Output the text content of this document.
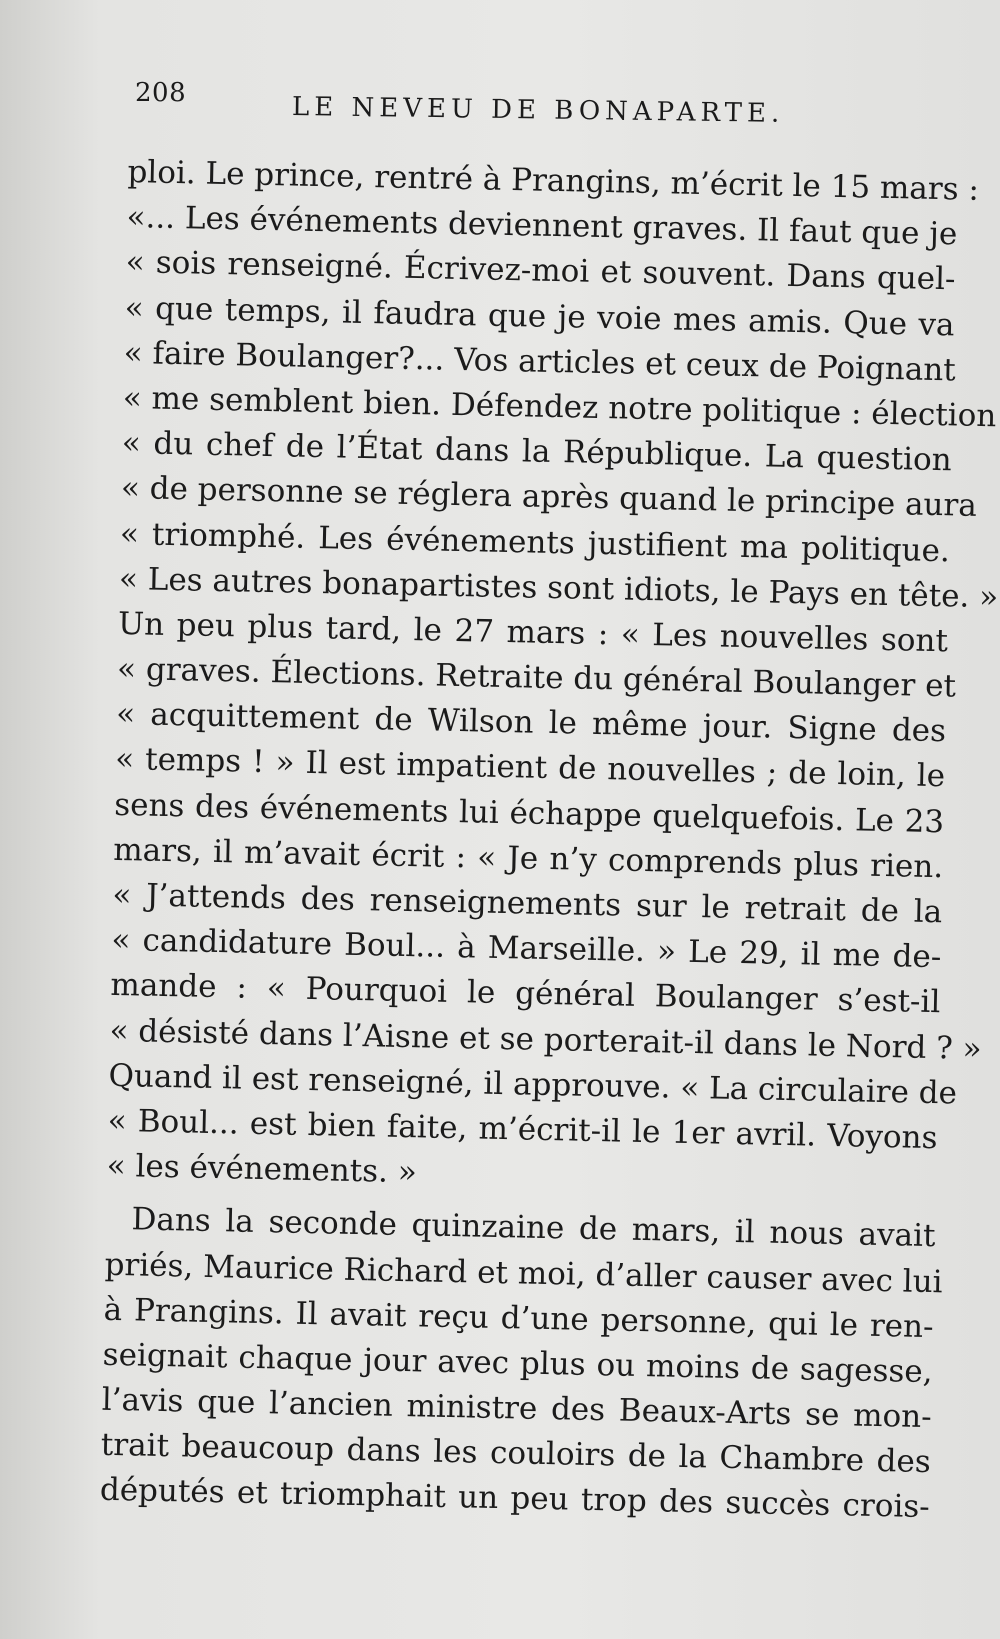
208	LE NEVEU DE BONAPARTE.
ploi. Le prince, rentré à Prangins, m’écrit le 15 mars :
«... Les événements deviennent graves. Il faut que je
« sois renseigné. Écrivez-moi et souvent. Dans quel-
« que temps, il faudra que je voie mes amis. Que va
« faire Boulanger?... Vos articles et ceux de Poignant
« me semblent bien. Défendez notre politique : élection
« du chef de l’État dans la République. La question
« de personne se réglera après quand le principe aura
« triomphé. Les événements justifient ma politique.
« Les autres bonapartistes sont idiots, le Pays en tête. »
Un peu plus tard, le 27 mars : « Les nouvelles sont
« graves. Élections. Retraite du général Boulanger et
« acquittement de Wilson le même jour. Signe des
« temps ! » Il est impatient de nouvelles ; de loin, le
sens des événements lui échappe quelquefois. Le 23
mars, il m’avait écrit : « Je n’y comprends plus rien.
« J’attends des renseignements sur le retrait de la
« candidature Boul... à Marseille. » Le 29, il me de-
mande : « Pourquoi le général Boulanger s’est-il
« désisté dans l’Aisne et se porterait-il dans le Nord ? »
Quand il est renseigné, il approuve. « La circulaire de
« Boul... est bien faite, m’écrit-il le 1er avril. Voyons
« les événements. »
Dans la seconde quinzaine de mars, il nous avait
priés, Maurice Richard et moi, d’aller causer avec lui
à Prangins. Il avait reçu d’une personne, qui le ren-
seignait chaque jour avec plus ou moins de sagesse,
l’avis que l’ancien ministre des Beaux-Arts se mon-
trait beaucoup dans les couloirs de la Chambre des
députés et triomphait un peu trop des succès crois-
